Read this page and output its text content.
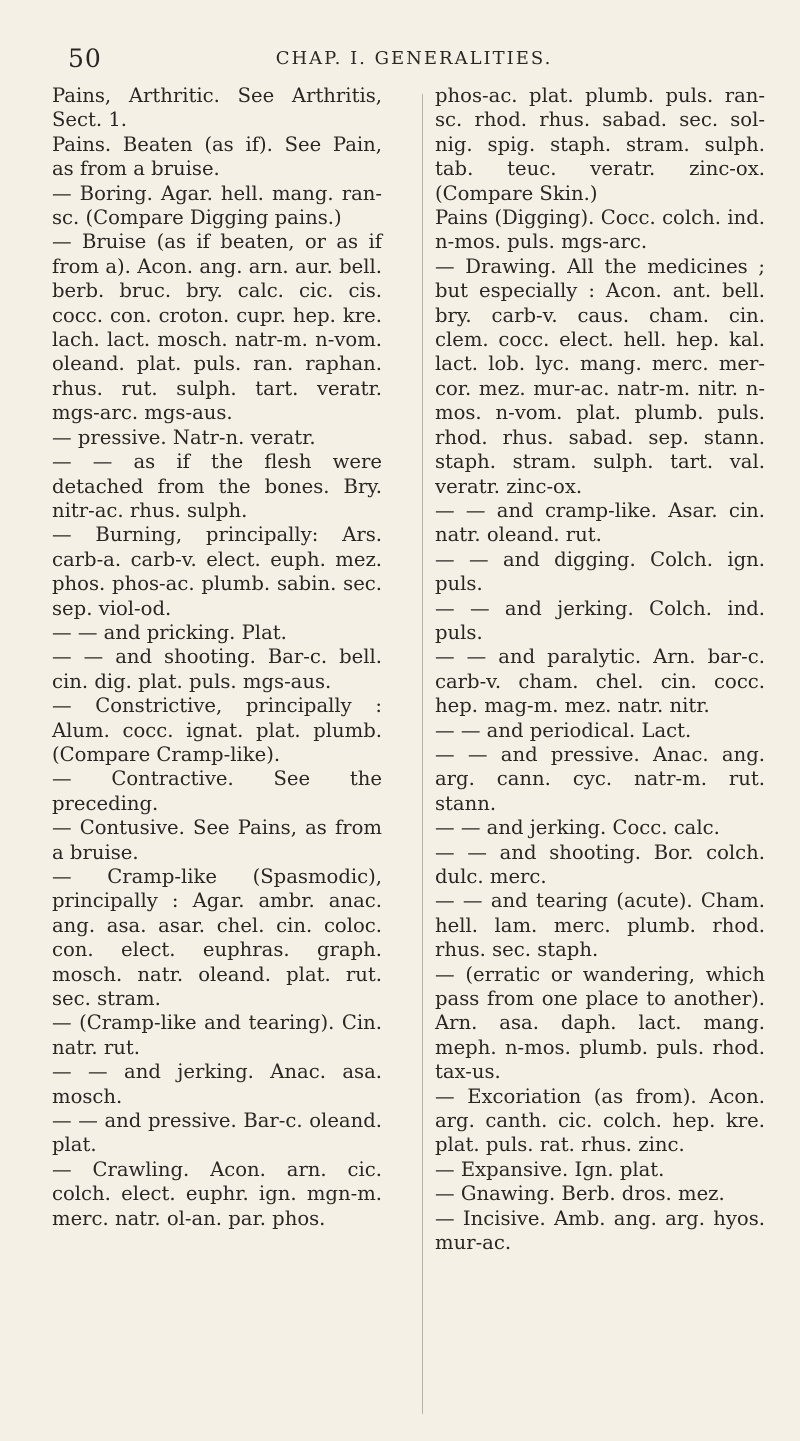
50	CHAP. I. GENERALITIES.

Pains, Arthritic. See Arthritis, Sect. 1.

Pains. Beaten (as if). See Pain, as from a bruise.

— Boring. Agar. hell. mang. ran-sc. (Compare Digging pains.)

— Bruise (as if beaten, or as if from a). Acon. ang. arn. aur. bell. berb. bruc. bry. calc. cic. cis. cocc. con. croton. cupr. hep. kre. lach. lact. mosch. natr-m. n-vom. oleand. plat. puls. ran. raphan. rhus. rut. sulph. tart. veratr. mgs-arc. mgs-aus.

— pressive. Natr-n. veratr.

— — as if the flesh were detached from the bones. Bry. nitr-ac. rhus. sulph.

— Burning, principally: Ars. carb-a. carb-v. elect. euph. mez. phos. phos-ac. plumb. sabin. sec. sep. viol-od.

— — and pricking. Plat.

— — and shooting. Bar-c. bell. cin. dig. plat. puls. mgs-aus.

— Constrictive, principally : Alum. cocc. ignat. plat. plumb. (Compare Cramp-like).

— Contractive. See the preceding.

— Contusive. See Pains, as from a bruise.

— Cramp-like (Spasmodic), principally : Agar. ambr. anac. ang. asa. asar. chel. cin. coloc. con. elect. euphras. graph. mosch. natr. oleand. plat. rut. sec. stram.

— (Cramp-like and tearing). Cin. natr. rut.

— — and jerking. Anac. asa. mosch.

— — and pressive. Bar-c. oleand. plat.

— Crawling. Acon. arn. cic. colch. elect. euphr. ign. mgn-m. merc. natr. ol-an. par. phos.

phos-ac. plat. plumb. puls. ran-sc. rhod. rhus. sabad. sec. sol-nig. spig. staph. stram. sulph. tab. teuc. veratr. zinc-ox. (Compare Skin.)

Pains (Digging). Cocc. colch. ind. n-mos. puls. mgs-arc.

— Drawing. All the medicines ; but especially : Acon. ant. bell. bry. carb-v. caus. cham. cin. clem. cocc. elect. hell. hep. kal. lact. lob. lyc. mang. merc. mer-cor. mez. mur-ac. natr-m. nitr. n-mos. n-vom. plat. plumb. puls. rhod. rhus. sabad. sep. stann. staph. stram. sulph. tart. val. veratr. zinc-ox.

— — and cramp-like. Asar. cin. natr. oleand. rut.

— — and digging. Colch. ign. puls.

— — and jerking. Colch. ind. puls.

— — and paralytic. Arn. bar-c. carb-v. cham. chel. cin. cocc. hep. mag-m. mez. natr. nitr.

— — and periodical. Lact.

— — and pressive. Anac. ang. arg. cann. cyc. natr-m. rut. stann.

— — and jerking. Cocc. calc.

— — and shooting. Bor. colch. dulc. merc.

— — and tearing (acute). Cham. hell. lam. merc. plumb. rhod. rhus. sec. staph.

— (erratic or wandering, which pass from one place to another). Arn. asa. daph. lact. mang. meph. n-mos. plumb. puls. rhod. tax-us.

— Excoriation (as from). Acon. arg. canth. cic. colch. hep. kre. plat. puls. rat. rhus. zinc.

— Expansive. Ign. plat.

— Gnawing. Berb. dros. mez.

— Incisive. Amb. ang. arg. hyos. mur-ac.
